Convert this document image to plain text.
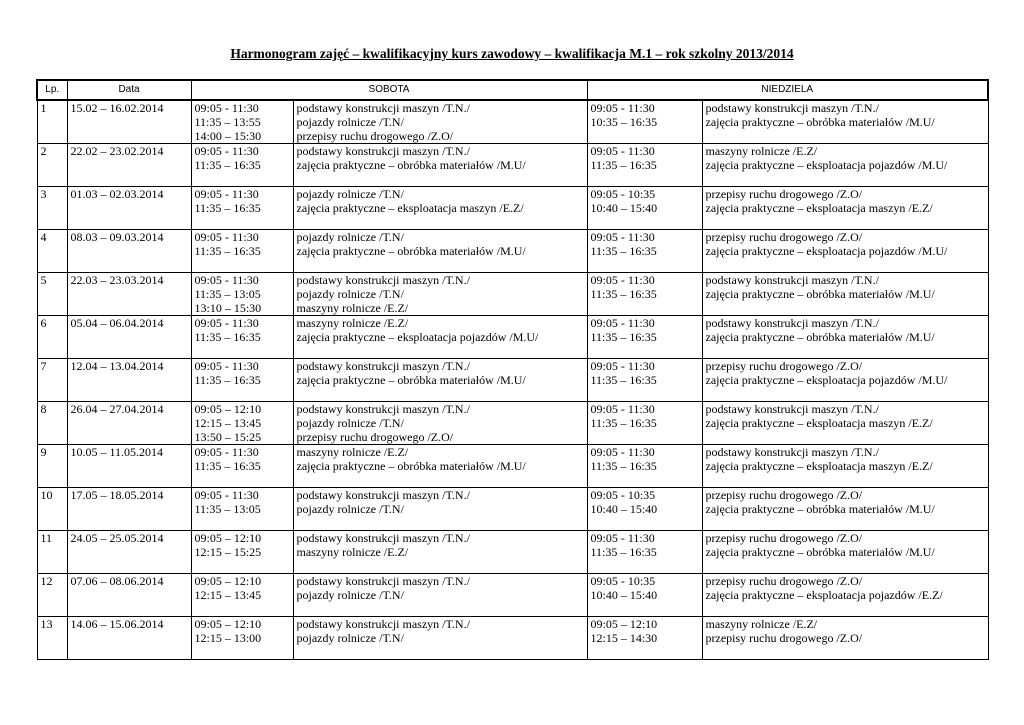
Harmonogram zajęć – kwalifikacyjny kurs zawodowy – kwalifikacja M.1 – rok szkolny 2013/2014
Lp.	Data	SOBOTA		NIEDZIELA	

1	15.02 – 16.02.2014	09:05 - 11:30
11:35 – 13:55
14:00 – 15:30	podstawy konstrukcji maszyn /T.N./
pojazdy rolnicze /T.N/
przepisy ruchu drogowego /Z.O/	09:05 - 11:30
10:35 – 16:35	podstawy konstrukcji maszyn /T.N./
zajęcia praktyczne – obróbka materiałów /M.U/

2	22.02 – 23.02.2014	09:05 - 11:30
11:35 – 16:35	podstawy konstrukcji maszyn /T.N./
zajęcia praktyczne – obróbka materiałów /M.U/	09:05 - 11:30
11:35 – 16:35	maszyny rolnicze /E.Z/
zajęcia praktyczne – eksploatacja pojazdów /M.U/

3	01.03 – 02.03.2014	09:05 - 11:30
11:35 – 16:35	pojazdy rolnicze /T.N/
zajęcia praktyczne – eksploatacja maszyn /E.Z/	09:05 - 10:35
10:40 – 15:40	przepisy ruchu drogowego /Z.O/
zajęcia praktyczne – eksploatacja maszyn /E.Z/

4	08.03 – 09.03.2014	09:05 - 11:30
11:35 – 16:35	pojazdy rolnicze /T.N/
zajęcia praktyczne – obróbka materiałów /M.U/	09:05 - 11:30
11:35 – 16:35	przepisy ruchu drogowego /Z.O/
zajęcia praktyczne – eksploatacja pojazdów /M.U/

5	22.03 – 23.03.2014	09:05 - 11:30
11:35 – 13:05
13:10 – 15:30	podstawy konstrukcji maszyn /T.N./
pojazdy rolnicze /T.N/
maszyny rolnicze /E.Z/	09:05 - 11:30
11:35 – 16:35	podstawy konstrukcji maszyn /T.N./
zajęcia praktyczne – obróbka materiałów /M.U/

6	05.04 – 06.04.2014	09:05 - 11:30
11:35 – 16:35	maszyny rolnicze /E.Z/
zajęcia praktyczne – eksploatacja pojazdów /M.U/	09:05 - 11:30
11:35 – 16:35	podstawy konstrukcji maszyn /T.N./
zajęcia praktyczne – obróbka materiałów /M.U/

7	12.04 – 13.04.2014	09:05 - 11:30
11:35 – 16:35	podstawy konstrukcji maszyn /T.N./
zajęcia praktyczne – obróbka materiałów /M.U/	09:05 - 11:30
11:35 – 16:35	przepisy ruchu drogowego /Z.O/
zajęcia praktyczne – eksploatacja pojazdów /M.U/

8	26.04 – 27.04.2014	09:05 – 12:10
12:15 – 13:45
13:50 – 15:25	podstawy konstrukcji maszyn /T.N./
pojazdy rolnicze /T.N/
przepisy ruchu drogowego /Z.O/	09:05 - 11:30
11:35 – 16:35	podstawy konstrukcji maszyn /T.N./
zajęcia praktyczne – eksploatacja maszyn /E.Z/

9	10.05 – 11.05.2014	09:05 - 11:30
11:35 – 16:35	maszyny rolnicze /E.Z/
zajęcia praktyczne – obróbka materiałów /M.U/	09:05 - 11:30
11:35 – 16:35	podstawy konstrukcji maszyn /T.N./
zajęcia praktyczne – eksploatacja maszyn /E.Z/

10	17.05 – 18.05.2014	09:05 - 11:30
11:35 – 13:05	podstawy konstrukcji maszyn /T.N./
pojazdy rolnicze /T.N/	09:05 - 10:35
10:40 – 15:40	przepisy ruchu drogowego /Z.O/
zajęcia praktyczne – obróbka materiałów /M.U/

11	24.05 – 25.05.2014	09:05 – 12:10
12:15 – 15:25	podstawy konstrukcji maszyn /T.N./
maszyny rolnicze /E.Z/	09:05 - 11:30
11:35 – 16:35	przepisy ruchu drogowego /Z.O/
zajęcia praktyczne – obróbka materiałów /M.U/

12	07.06 – 08.06.2014	09:05 – 12:10
12:15 – 13:45	podstawy konstrukcji maszyn /T.N./
pojazdy rolnicze /T.N/	09:05 - 10:35
10:40 – 15:40	przepisy ruchu drogowego /Z.O/
zajęcia praktyczne – eksploatacja pojazdów /E.Z/

13	14.06 – 15.06.2014	09:05 – 12:10
12:15 – 13:00	podstawy konstrukcji maszyn /T.N./
pojazdy rolnicze /T.N/	09:05 – 12:10
12:15 – 14:30	maszyny rolnicze /E.Z/
przepisy ruchu drogowego /Z.O/
